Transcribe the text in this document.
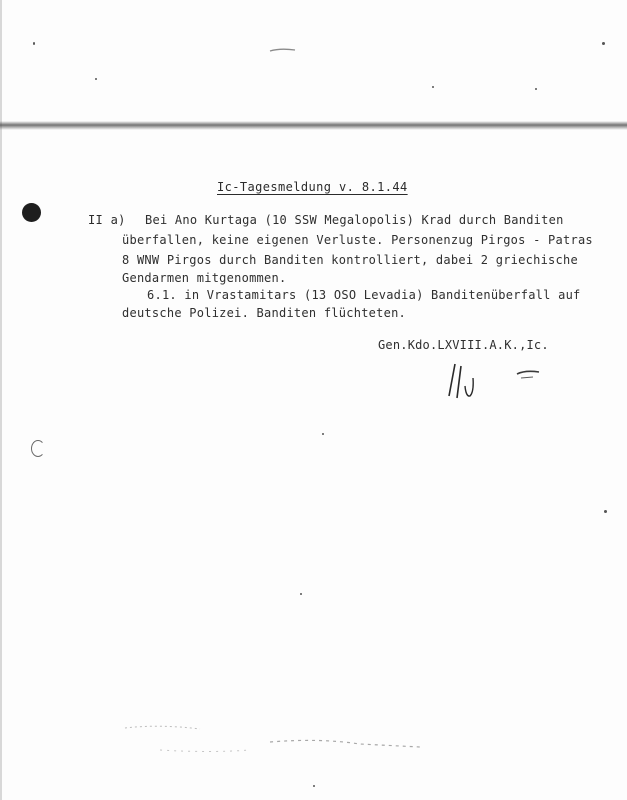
Ic-Tagesmeldung v. 8.1.44
II a) Bei Ano Kurtaga (10 SSW Megalopolis) Krad durch Banditen
überfallen, keine eigenen Verluste. Personenzug Pirgos - Patras
8 WNW Pirgos durch Banditen kontrolliert, dabei 2 griechische
Gendarmen mitgenommen.
6.1. in Vrastamitars (13 OSO Levadia) Banditenüberfall auf
deutsche Polizei. Banditen flüchteten.
Gen.Kdo.LXVIII.A.K.,Ic.
